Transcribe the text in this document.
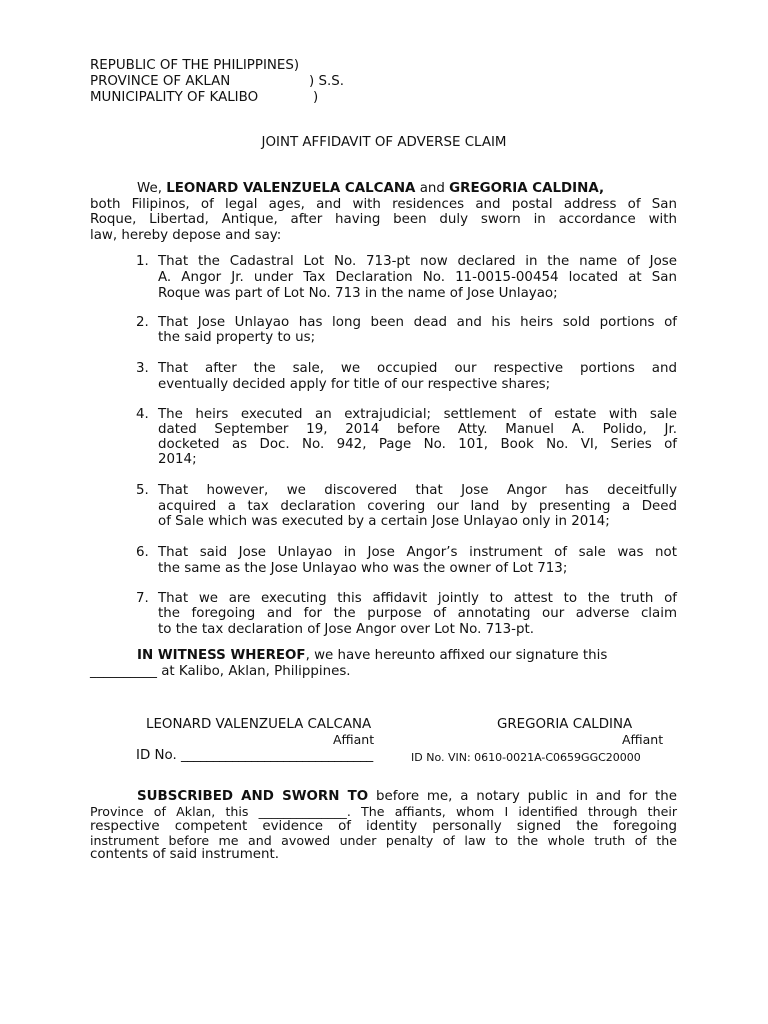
REPUBLIC OF THE PHILIPPINES)
PROVINCE OF AKLAN	) S.S.
MUNICIPALITY OF KALIBO	)
JOINT AFFIDAVIT OF ADVERSE CLAIM
We, LEONARD VALENZUELA CALCANA and GREGORIA CALDINA,
both Filipinos, of legal ages, and with residences and postal address of San
Roque, Libertad, Antique, after having been duly sworn in accordance with
law, hereby depose and say:
1. That the Cadastral Lot No. 713-pt now declared in the name of Jose
A. Angor Jr. under Tax Declaration No. 11-0015-00454 located at San
Roque was part of Lot No. 713 in the name of Jose Unlayao;
2. That Jose Unlayao has long been dead and his heirs sold portions of
the said property to us;
3. That after the sale, we occupied our respective portions and
eventually decided apply for title of our respective shares;
4. The heirs executed an extrajudicial; settlement of estate with sale
dated September 19, 2014 before Atty. Manuel A. Polido, Jr.
docketed as Doc. No. 942, Page No. 101, Book No. VI, Series of
2014;
5. That however, we discovered that Jose Angor has deceitfully
acquired a tax declaration covering our land by presenting a Deed
of Sale which was executed by a certain Jose Unlayao only in 2014;
6. That said Jose Unlayao in Jose Angor’s instrument of sale was not
the same as the Jose Unlayao who was the owner of Lot 713;
7. That we are executing this affidavit jointly to attest to the truth of
the foregoing and for the purpose of annotating our adverse claim
to the tax declaration of Jose Angor over Lot No. 713-pt.
IN WITNESS WHEREOF, we have hereunto affixed our signature this
__________ at Kalibo, Aklan, Philippines.
LEONARD VALENZUELA CALCANA	GREGORIA CALDINA
Affiant	Affiant
ID No. ______________________________	ID No. VIN: 0610-0021A-C0659GGC20000
SUBSCRIBED AND SWORN TO before me, a notary public in and for the
Province of Aklan, this ______________. The affiants, whom I identified through their
respective competent evidence of identity personally signed the foregoing
instrument before me and avowed under penalty of law to the whole truth of the
contents of said instrument.
